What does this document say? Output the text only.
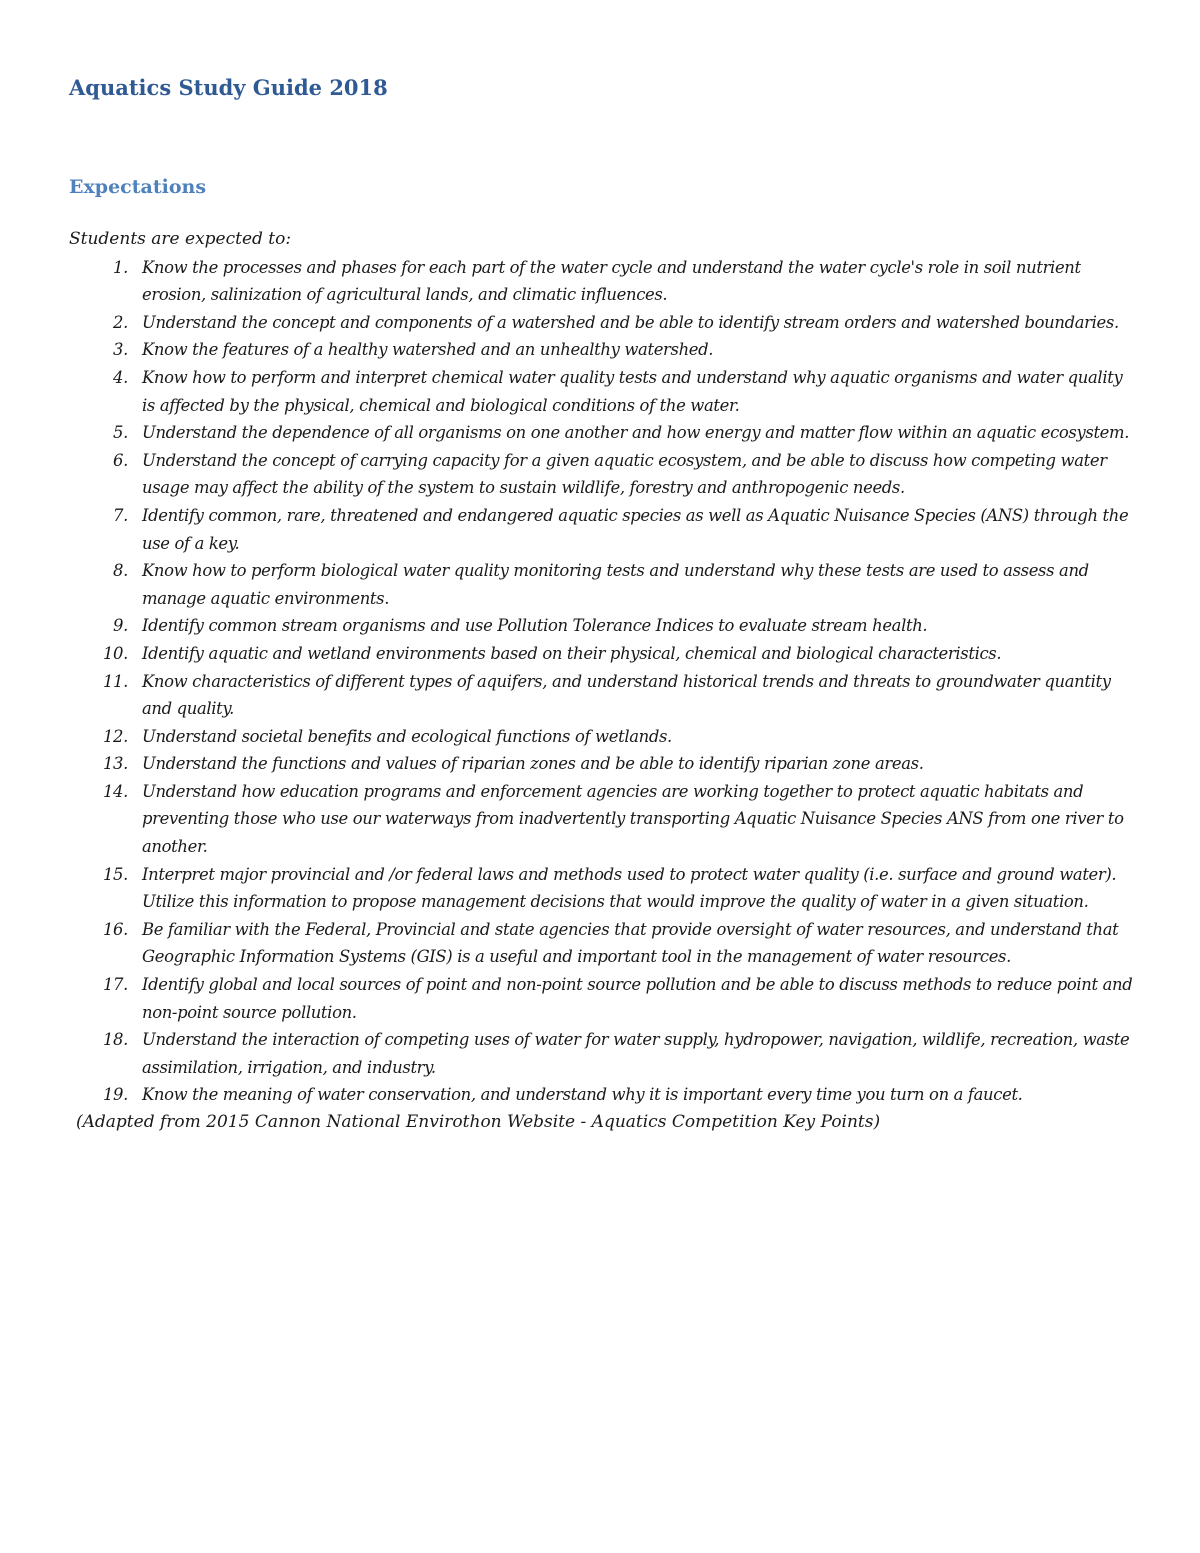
Aquatics Study Guide 2018
Expectations

Students are expected to:

1. Know the processes and phases for each part of the water cycle and understand the water cycle's role in soil nutrient erosion, salinization of agricultural lands, and climatic influences.
2. Understand the concept and components of a watershed and be able to identify stream orders and watershed boundaries.
3. Know the features of a healthy watershed and an unhealthy watershed.
4. Know how to perform and interpret chemical water quality tests and understand why aquatic organisms and water quality is affected by the physical, chemical and biological conditions of the water.
5. Understand the dependence of all organisms on one another and how energy and matter flow within an aquatic ecosystem.
6. Understand the concept of carrying capacity for a given aquatic ecosystem, and be able to discuss how competing water usage may affect the ability of the system to sustain wildlife, forestry and anthropogenic needs.
7. Identify common, rare, threatened and endangered aquatic species as well as Aquatic Nuisance Species (ANS) through the use of a key.
8. Know how to perform biological water quality monitoring tests and understand why these tests are used to assess and manage aquatic environments.
9. Identify common stream organisms and use Pollution Tolerance Indices to evaluate stream health.
10. Identify aquatic and wetland environments based on their physical, chemical and biological characteristics.
11. Know characteristics of different types of aquifers, and understand historical trends and threats to groundwater quantity and quality.
12. Understand societal benefits and ecological functions of wetlands.
13. Understand the functions and values of riparian zones and be able to identify riparian zone areas.
14. Understand how education programs and enforcement agencies are working together to protect aquatic habitats and preventing those who use our waterways from inadvertently transporting Aquatic Nuisance Species ANS from one river to another.
15. Interpret major provincial and /or federal laws and methods used to protect water quality (i.e. surface and ground water). Utilize this information to propose management decisions that would improve the quality of water in a given situation.
16. Be familiar with the Federal, Provincial and state agencies that provide oversight of water resources, and understand that Geographic Information Systems (GIS) is a useful and important tool in the management of water resources.
17. Identify global and local sources of point and non-point source pollution and be able to discuss methods to reduce point and non-point source pollution.
18. Understand the interaction of competing uses of water for water supply, hydropower, navigation, wildlife, recreation, waste assimilation, irrigation, and industry.
19. Know the meaning of water conservation, and understand why it is important every time you turn on a faucet.

(Adapted from 2015 Cannon National Envirothon Website - Aquatics Competition Key Points)
